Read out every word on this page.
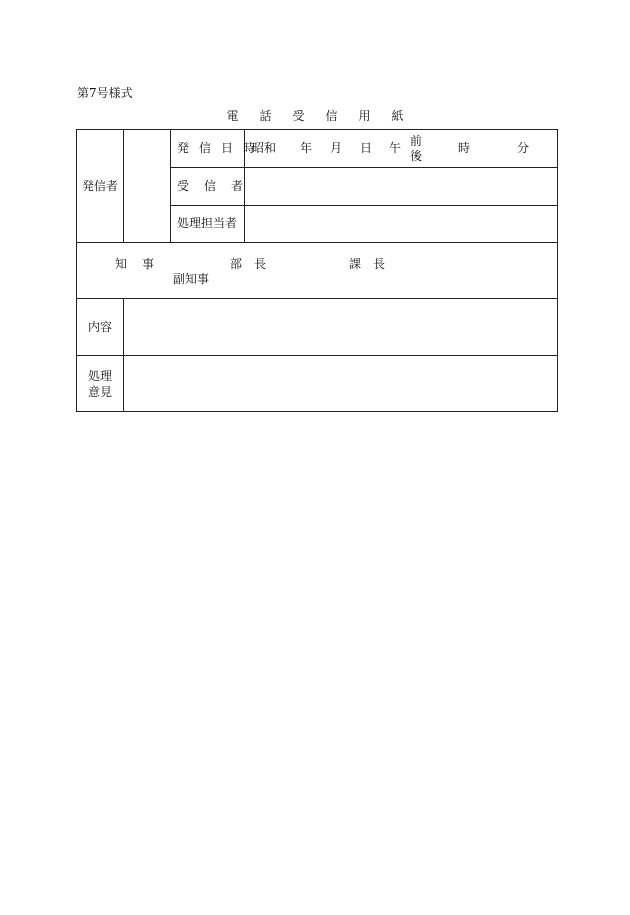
第7号様式
電 話 受 信 用 紙
発信者
発 信 日 時
昭和 年 月 日 午 前
後
時	分
受 信 者
処理担当者
知 事
副知事
部 長	課 長
内容
処理
意見
